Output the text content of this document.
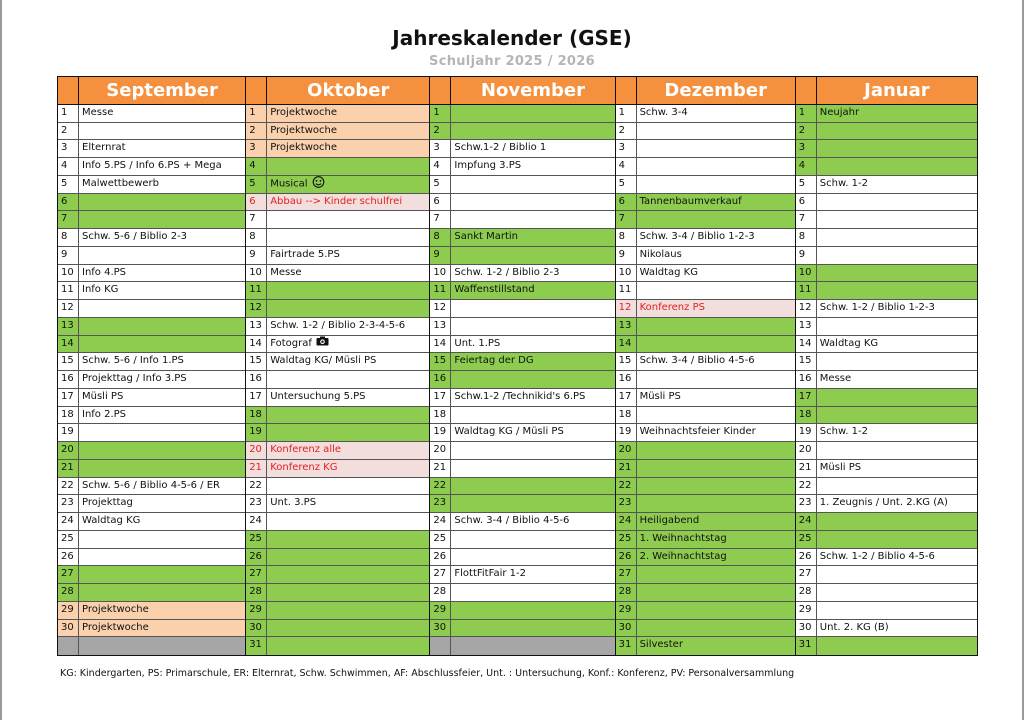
Jahreskalender (GSE)
Schuljahr 2025 / 2026
September
1	Messe
2
3	Elternrat
4	Info 5.PS / Info 6.PS + Mega
5	Malwettbewerb
6
7
8	Schw. 5-6 / Biblio 2-3
9
10 Info 4.PS
11 Info KG
12
13
14
15 Schw. 5-6 / Info 1.PS
16 Projekttag / Info 3.PS
17 Müsli PS
18 Info 2.PS
19
20
21
22 Schw. 5-6 / Biblio 4-5-6 / ER
23 Projekttag
24 Waldtag KG
25
26
27
28
29 Projektwoche
30 Projektwoche
Oktober
1	Projektwoche
2	Projektwoche
3	Projektwoche
4
5	Musical
6	Abbau --> Kinder schulfrei
7
8
9	Fairtrade 5.PS
10 Messe
11
12
13 Schw. 1-2 / Biblio 2-3-4-5-6
14 Fotograf
15 Waldtag KG/ Müsli PS
16
17 Untersuchung 5.PS
18
19
20 Konferenz alle
21 Konferenz KG
22
23 Unt. 3.PS
24
25
26
27
28
29
30
31
November
1
2
3	Schw.1-2 / Biblio 1
4	Impfung 3.PS
5
6
7
8	Sankt Martin
9
10 Schw. 1-2 / Biblio 2-3
11 Waffenstillstand
12
13
14 Unt. 1.PS
15 Feiertag der DG
16
17 Schw.1-2 /Technikid's 6.PS
18
19 Waldtag KG / Müsli PS
20
21
22
23
24 Schw. 3-4 / Biblio 4-5-6
25
26
27 FlottFitFair 1-2
28
29
30
Dezember
1	Schw. 3-4
2
3
4
5
6	Tannenbaumverkauf
7
8	Schw. 3-4 / Biblio 1-2-3
9	Nikolaus
10 Waldtag KG
11
12 Konferenz PS
13
14
15 Schw. 3-4 / Biblio 4-5-6
16
17 Müsli PS
18
19 Weihnachtsfeier Kinder
20
21
22
23
24 Heiligabend
25 1. Weihnachtstag
26 2. Weihnachtstag
27
28
29
30
31 Silvester
Januar
1	Neujahr
2
3
4
5	Schw. 1-2
6
7
8
9
10
11
12 Schw. 1-2 / Biblio 1-2-3
13
14 Waldtag KG
15
16 Messe
17
18
19 Schw. 1-2
20
21 Müsli PS
22
23 1. Zeugnis / Unt. 2.KG (A)
24
25
26 Schw. 1-2 / Biblio 4-5-6
27
28
29
30 Unt. 2. KG (B)
31
KG: Kindergarten, PS: Primarschule, ER: Elternrat, Schw. Schwimmen, AF: Abschlussfeier, Unt. : Untersuchung, Konf.: Konferenz, PV: Personalversammlung
